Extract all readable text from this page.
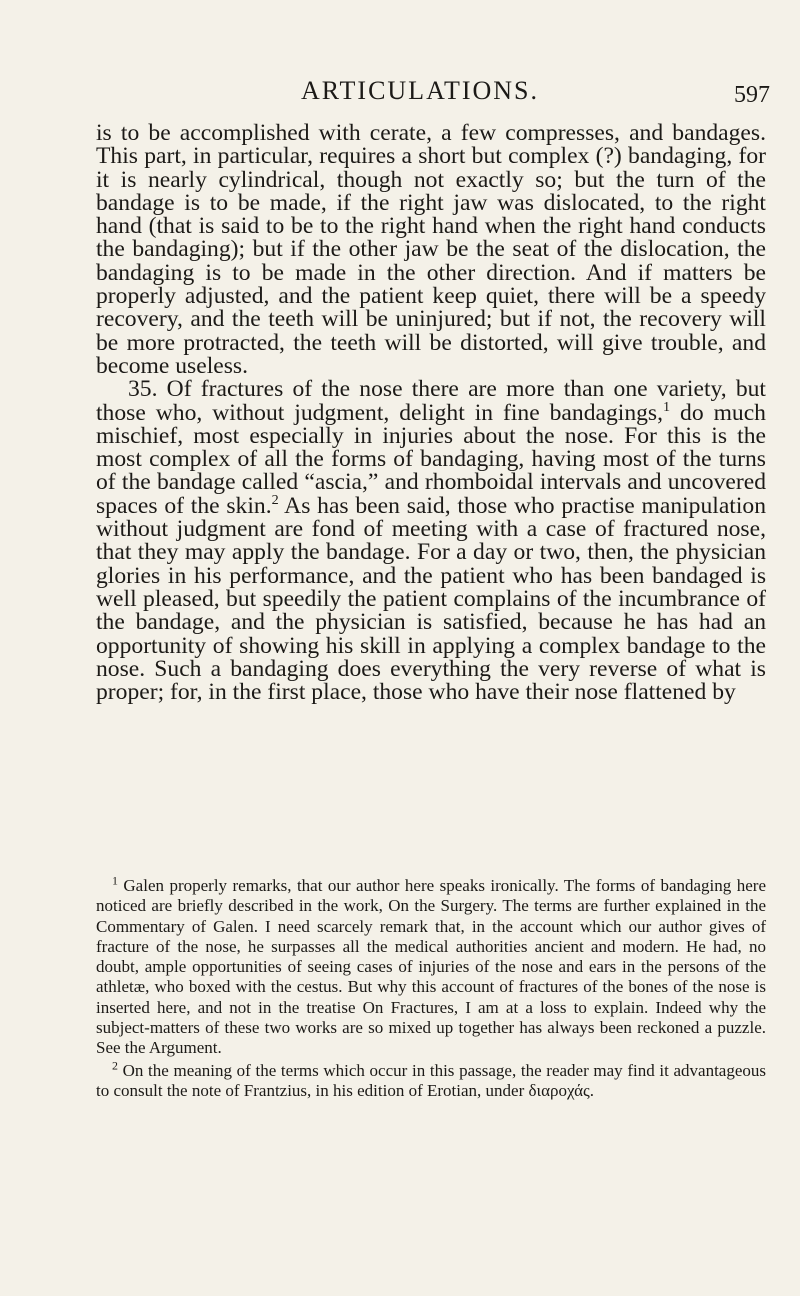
ARTICULATIONS.	597

is to be accomplished with cerate, a few compresses, and bandages. This part, in particular, requires a short but complex (?) bandaging, for it is nearly cylindrical, though not exactly so; but the turn of the bandage is to be made, if the right jaw was dislocated, to the right hand (that is said to be to the right hand when the right hand conducts the bandaging); but if the other jaw be the seat of the dislocation, the bandaging is to be made in the other direction. And if matters be properly adjusted, and the patient keep quiet, there will be a speedy recovery, and the teeth will be uninjured; but if not, the recovery will be more protracted, the teeth will be distorted, will give trouble, and become useless.

35. Of fractures of the nose there are more than one variety, but those who, without judgment, delight in fine bandagings,$^1$ do much mischief, most especially in injuries about the nose. For this is the most complex of all the forms of bandaging, having most of the turns of the bandage called “ascia,” and rhomboidal intervals and uncovered spaces of the skin.$^2$ As has been said, those who practise manipulation without judgment are fond of meeting with a case of fractured nose, that they may apply the bandage. For a day or two, then, the physician glories in his performance, and the patient who has been bandaged is well pleased, but speedily the patient complains of the incumbrance of the bandage, and the physician is satisfied, because he has had an opportunity of showing his skill in applying a complex bandage to the nose. Such a bandaging does everything the very reverse of what is proper; for, in the first place, those who have their nose flattened by

$^1$ Galen properly remarks, that our author here speaks ironically. The forms of bandaging here noticed are briefly described in the work, On the Surgery. The terms are further explained in the Commentary of Galen. I need scarcely remark that, in the account which our author gives of fracture of the nose, he surpasses all the medical authorities ancient and modern. He had, no doubt, ample opportunities of seeing cases of injuries of the nose and ears in the persons of the athletæ, who boxed with the cestus. But why this account of fractures of the bones of the nose is inserted here, and not in the treatise On Fractures, I am at a loss to explain. Indeed why the subject-matters of these two works are so mixed up together has always been reckoned a puzzle. See the Argument.

$^2$ On the meaning of the terms which occur in this passage, the reader may find it advantageous to consult the note of Frantzius, in his edition of Erotian, under διαροχάς.
